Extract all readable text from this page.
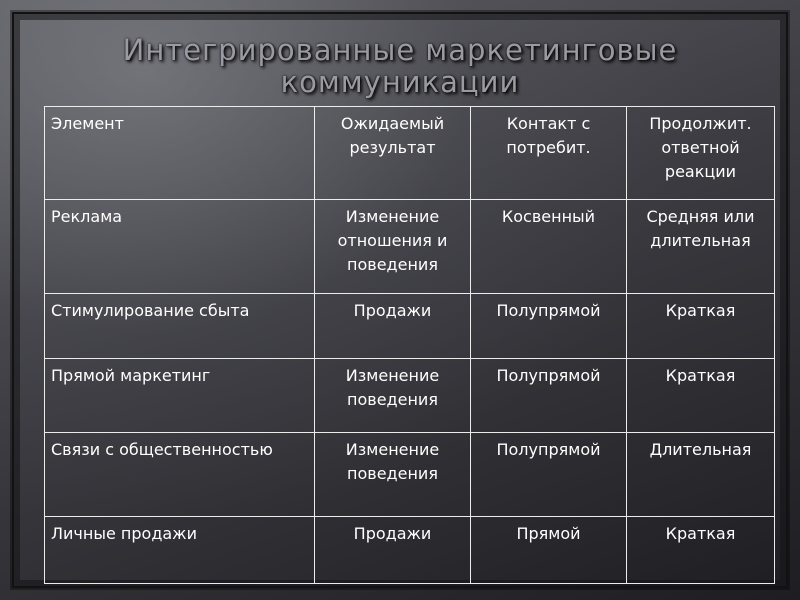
Интегрированные маркетинговые
коммуникации
Элемент	Ожидаемый результат	Контакт с потребит.	Продолжит. ответной реакции
Реклама	Изменение отношения и поведения	Косвенный	Средняя или длительная
Стимулирование сбыта	Продажи	Полупрямой	Краткая
Прямой маркетинг	Изменение поведения	Полупрямой	Краткая
Связи с общественностью	Изменение поведения	Полупрямой	Длительная
Личные продажи	Продажи	Прямой	Краткая
